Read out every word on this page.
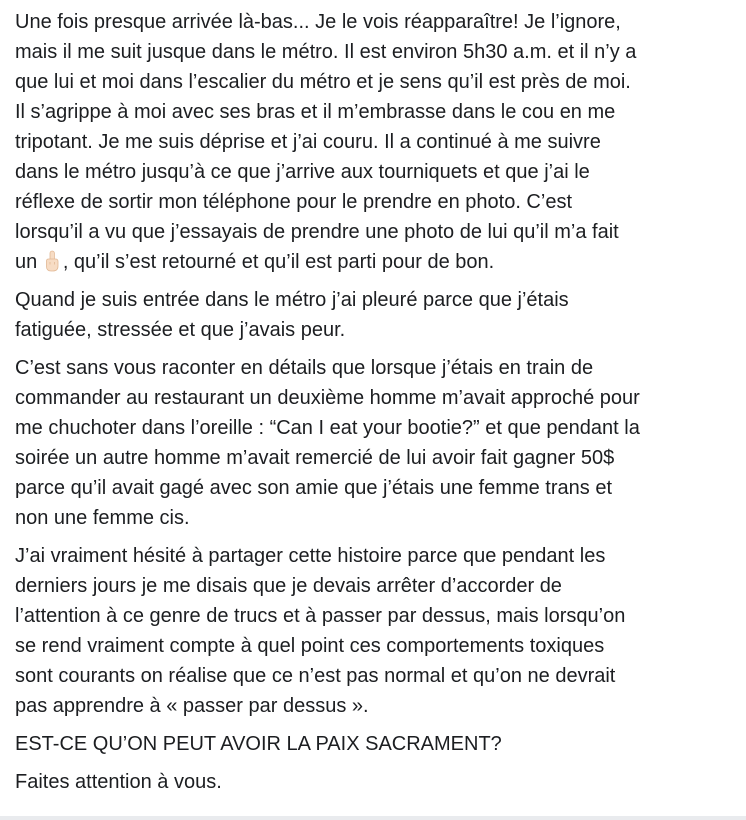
Une fois presque arrivée là-bas... Je le vois réapparaître! Je l’ignore,
mais il me suit jusque dans le métro. Il est environ 5h30 a.m. et il n’y a
que lui et moi dans l’escalier du métro et je sens qu’il est près de moi.
Il s’agrippe à moi avec ses bras et il m’embrasse dans le cou en me
tripotant. Je me suis déprise et j’ai couru. Il a continué à me suivre
dans le métro jusqu’à ce que j’arrive aux tourniquets et que j’ai le
réflexe de sortir mon téléphone pour le prendre en photo. C’est
lorsqu’il a vu que j’essayais de prendre une photo de lui qu’il m’a fait
un , qu’il s’est retourné et qu’il est parti pour de bon.

Quand je suis entrée dans le métro j’ai pleuré parce que j’étais
fatiguée, stressée et que j’avais peur.

C’est sans vous raconter en détails que lorsque j’étais en train de
commander au restaurant un deuxième homme m’avait approché pour
me chuchoter dans l’oreille : “Can I eat your bootie?” et que pendant la
soirée un autre homme m’avait remercié de lui avoir fait gagner 50$
parce qu’il avait gagé avec son amie que j’étais une femme trans et
non une femme cis.

J’ai vraiment hésité à partager cette histoire parce que pendant les
derniers jours je me disais que je devais arrêter d’accorder de
l’attention à ce genre de trucs et à passer par dessus, mais lorsqu’on
se rend vraiment compte à quel point ces comportements toxiques
sont courants on réalise que ce n’est pas normal et qu’on ne devrait
pas apprendre à « passer par dessus ».

EST-CE QU’ON PEUT AVOIR LA PAIX SACRAMENT?

Faites attention à vous.
